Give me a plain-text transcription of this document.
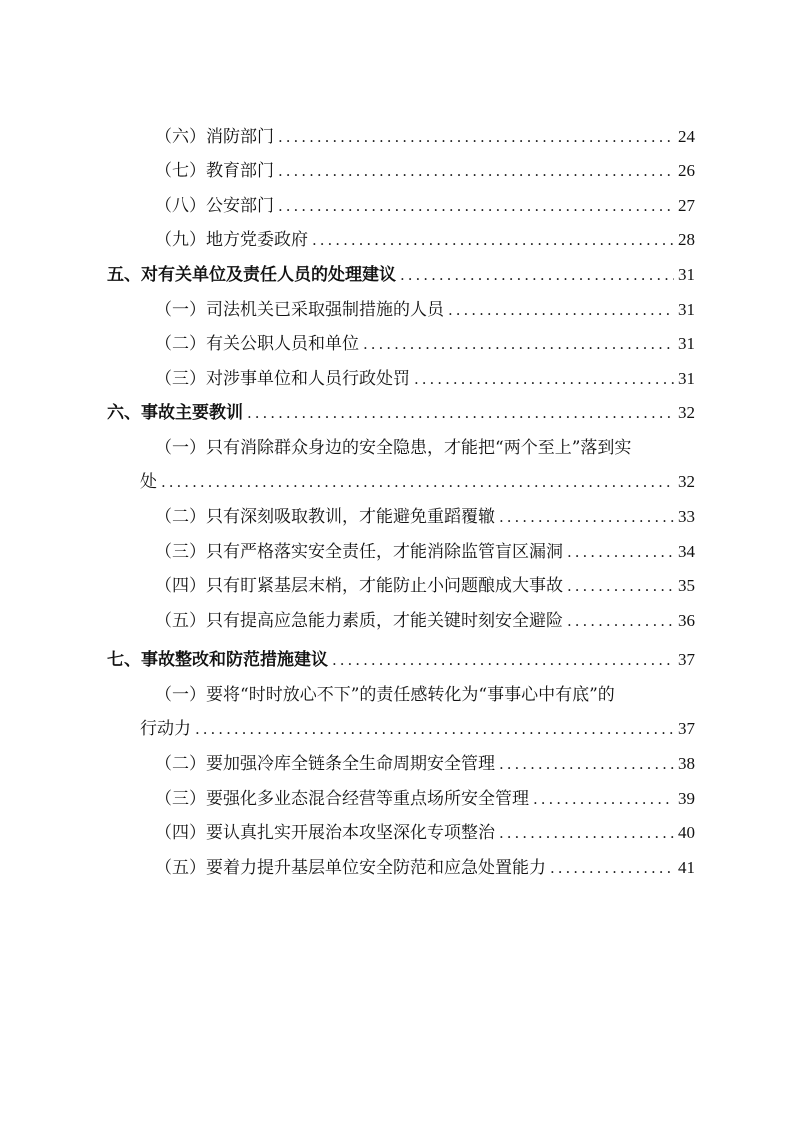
（六）消防部门 .....	24
（七）教育部门 .....	26
（八）公安部门 .....	27
（九）地方党委政府 .....	28
五、对有关单位及责任人员的处理建议 .....	31
（一）司法机关已采取强制措施的人员 .....	31
（二）有关公职人员和单位 .....	31
（三）对涉事单位和人员行政处罚 .....	31
六、事故主要教训 .....	32
（一）只有消除群众身边的安全隐患，才能把“两个至上”落到实
处 .....	32
（二）只有深刻吸取教训，才能避免重蹈覆辙 .....	33
（三）只有严格落实安全责任，才能消除监管盲区漏洞 .....	34
（四）只有盯紧基层末梢，才能防止小问题酿成大事故 .....	35
（五）只有提高应急能力素质，才能关键时刻安全避险 .....	36
七、事故整改和防范措施建议 .....	37
（一）要将“时时放心不下”的责任感转化为“事事心中有底”的
行动力 .....	37
（二）要加强冷库全链条全生命周期安全管理 .....	38
（三）要强化多业态混合经营等重点场所安全管理 .....	39
（四）要认真扎实开展治本攻坚深化专项整治 .....	40
（五）要着力提升基层单位安全防范和应急处置能力 .....	41
